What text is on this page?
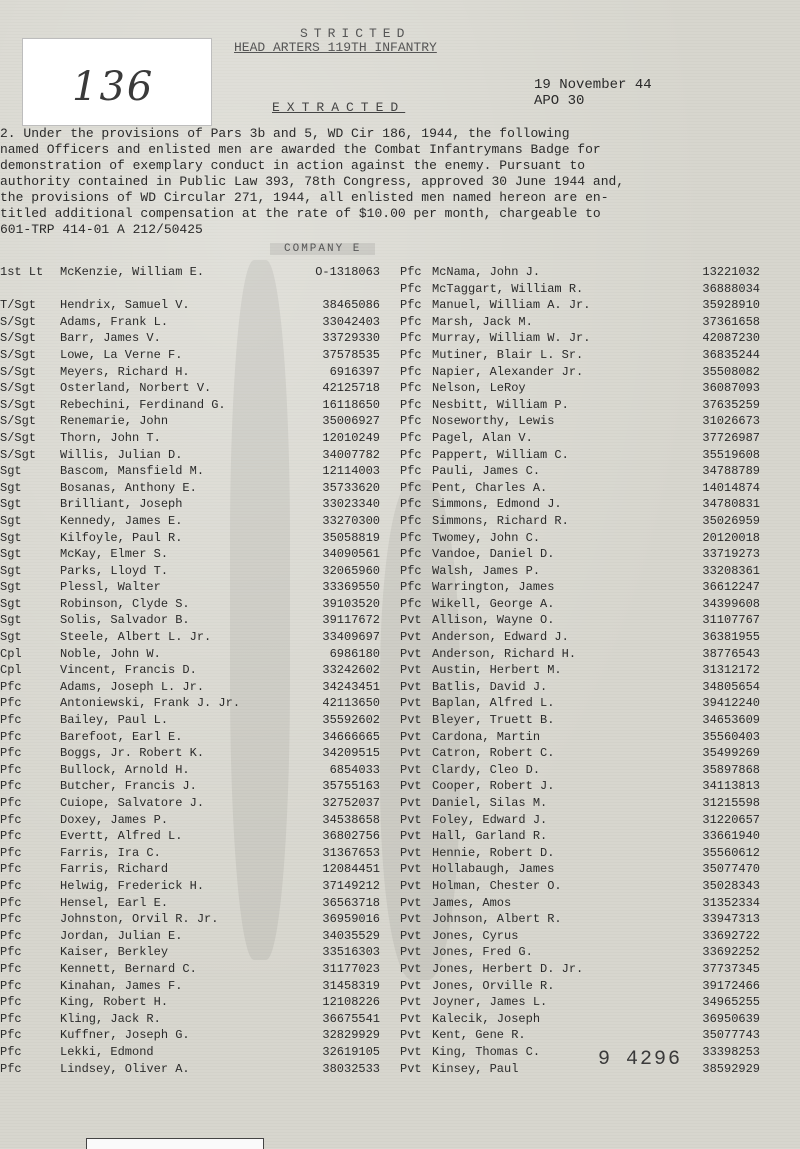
136
STRICTED
HEAD ARTERS 119TH INFANTRY
19 November 44
APO 30
EXTRACTED
2. Under the provisions of Pars 3b and 5, WD Cir 186, 1944, the following
named Officers and enlisted men are awarded the Combat Infantrymans Badge for
demonstration of exemplary conduct in action against the enemy. Pursuant to
authority contained in Public Law 393, 78th Congress, approved 30 June 1944 and,
the provisions of WD Circular 271, 1944, all enlisted men named hereon are en-
titled additional compensation at the rate of $10.00 per month, chargeable to
601-TRP 414-01 A 212/50425
COMPANY E
1st Lt	McKenzie, William E.	O-1318063
T/Sgt	Hendrix, Samuel V.	38465086
S/Sgt	Adams, Frank L.	33042403
S/Sgt	Barr, James V.	33729330
S/Sgt	Lowe, La Verne F.	37578535
S/Sgt	Meyers, Richard H.	6916397
S/Sgt	Osterland, Norbert V.	42125718
S/Sgt	Rebechini, Ferdinand G.	16118650
S/Sgt	Renemarie, John	35006927
S/Sgt	Thorn, John T.	12010249
S/Sgt	Willis, Julian D.	34007782
Sgt	Bascom, Mansfield M.	12114003
Sgt	Bosanas, Anthony E.	35733620
Sgt	Brilliant, Joseph	33023340
Sgt	Kennedy, James E.	33270300
Sgt	Kilfoyle, Paul R.	35058819
Sgt	McKay, Elmer S.	34090561
Sgt	Parks, Lloyd T.	32065960
Sgt	Plessl, Walter	33369550
Sgt	Robinson, Clyde S.	39103520
Sgt	Solis, Salvador B.	39117672
Sgt	Steele, Albert L. Jr.	33409697
Cpl	Noble, John W.	6986180
Cpl	Vincent, Francis D.	33242602
Pfc	Adams, Joseph L. Jr.	34243451
Pfc	Antoniewski, Frank J. Jr.	42113650
Pfc	Bailey, Paul L.	35592602
Pfc	Barefoot, Earl E.	34666665
Pfc	Boggs, Jr. Robert K.	34209515
Pfc	Bullock, Arnold H.	6854033
Pfc	Butcher, Francis J.	35755163
Pfc	Cuiope, Salvatore J.	32752037
Pfc	Doxey, James P.	34538658
Pfc	Evertt, Alfred L.	36802756
Pfc	Farris, Ira C.	31367653
Pfc	Farris, Richard	12084451
Pfc	Helwig, Frederick H.	37149212
Pfc	Hensel, Earl E.	36563718
Pfc	Johnston, Orvil R. Jr.	36959016
Pfc	Jordan, Julian E.	34035529
Pfc	Kaiser, Berkley	33516303
Pfc	Kennett, Bernard C.	31177023
Pfc	Kinahan, James F.	31458319
Pfc	King, Robert H.	12108226
Pfc	Kling, Jack R.	36675541
Pfc	Kuffner, Joseph G.	32829929
Pfc	Lekki, Edmond	32619105
Pfc	Lindsey, Oliver A.	38032533
Pfc McNama, John J.	13221032
Pfc McTaggart, William R.	36888034
Pfc Manuel, William A. Jr.	35928910
Pfc Marsh, Jack M.	37361658
Pfc Murray, William W. Jr.	42087230
Pfc Mutiner, Blair L. Sr.	36835244
Pfc Napier, Alexander Jr.	35508082
Pfc Nelson, LeRoy	36087093
Pfc Nesbitt, William P.	37635259
Pfc Noseworthy, Lewis	31026673
Pfc Pagel, Alan V.	37726987
Pfc Pappert, William C.	35519608
Pfc Pauli, James C.	34788789
Pfc Pent, Charles A.	14014874
Pfc Simmons, Edmond J.	34780831
Pfc Simmons, Richard R.	35026959
Pfc Twomey, John C.	20120018
Pfc Vandoe, Daniel D.	33719273
Pfc Walsh, James P.	33208361
Pfc Warrington, James	36612247
Pfc Wikell, George A.	34399608
Pvt Allison, Wayne O.	31107767
Pvt Anderson, Edward J.	36381955
Pvt Anderson, Richard H.	38776543
Pvt Austin, Herbert M.	31312172
Pvt Batlis, David J.	34805654
Pvt Baplan, Alfred L.	39412240
Pvt Bleyer, Truett B.	34653609
Pvt Cardona, Martin	35560403
Pvt Catron, Robert C.	35499269
Pvt Clardy, Cleo D.	35897868
Pvt Cooper, Robert J.	34113813
Pvt Daniel, Silas M.	31215598
Pvt Foley, Edward J.	31220657
Pvt Hall, Garland R.	33661940
Pvt Hennie, Robert D.	35560612
Pvt Hollabaugh, James	35077470
Pvt Holman, Chester O.	35028343
Pvt James, Amos	31352334
Pvt Johnson, Albert R.	33947313
Pvt Jones, Cyrus	33692722
Pvt Jones, Fred G.	33692252
Pvt Jones, Herbert D. Jr.	37737345
Pvt Jones, Orville R.	39172466
Pvt Joyner, James L.	34965255
Pvt Kalecik, Joseph	36950639
Pvt Kent, Gene R.	35077743
Pvt King, Thomas C.	33398253
Pvt Kinsey, Paul	38592929
9 4296
